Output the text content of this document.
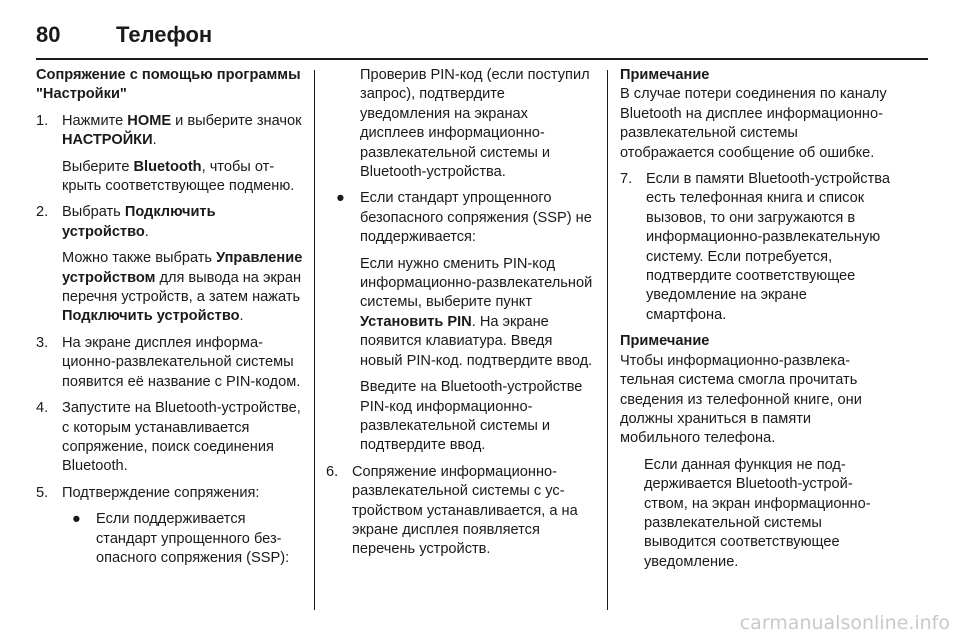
80	Телефон

Сопряжение с помощью программы "Настройки"

1. Нажмите HOME и выберите значок НАСТРОЙКИ.

Выберите Bluetooth, чтобы открыть соответствующее подменю.

2. Выбрать Подключить устройство.

Можно также выбрать Управление устройством для вывода на экран перечня устройств, а затем нажать Подключить устройство.

3. На экране дисплея информационно-развлекательной системы появится её название с PIN-кодом.

4. Запустите на Bluetooth-устройстве, с которым устанавливается сопряжение, поиск соединения Bluetooth.

5. Подтверждение сопряжения:

● Если поддерживается стандарт упрощенного безопасного сопряжения (SSP):

Проверив PIN-код (если поступил запрос), подтвердите уведомления на экранах дисплеев информационно-развлекательной системы и Bluetooth-устройства.

● Если стандарт упрощенного безопасного сопряжения (SSP) не поддерживается:

Если нужно сменить PIN-код информационно-развлекательной системы, выберите пункт Установить PIN. На экране появится клавиатура. Введя новый PIN-код. подтвердите ввод.

Введите на Bluetooth-устройстве PIN-код информационно-развлекательной системы и подтвердите ввод.

6. Сопряжение информационно-развлекательной системы с устройством устанавливается, а на экране дисплея появляется перечень устройств.

Примечание
В случае потери соединения по каналу Bluetooth на дисплее информационно-развлекательной системы отображается сообщение об ошибке.

7. Если в памяти Bluetooth-устройства есть телефонная книга и список вызовов, то они загружаются в информационно-развлекательную систему. Если потребуется, подтвердите соответствующее уведомление на экране смартфона.

Примечание
Чтобы информационно-развлекательная система смогла прочитать сведения из телефонной книге, они должны храниться в памяти мобильного телефона.

Если данная функция не поддерживается Bluetooth-устройством, на экран информационно-развлекательной системы выводится соответствующее уведомление.

carmanualsonline.info
